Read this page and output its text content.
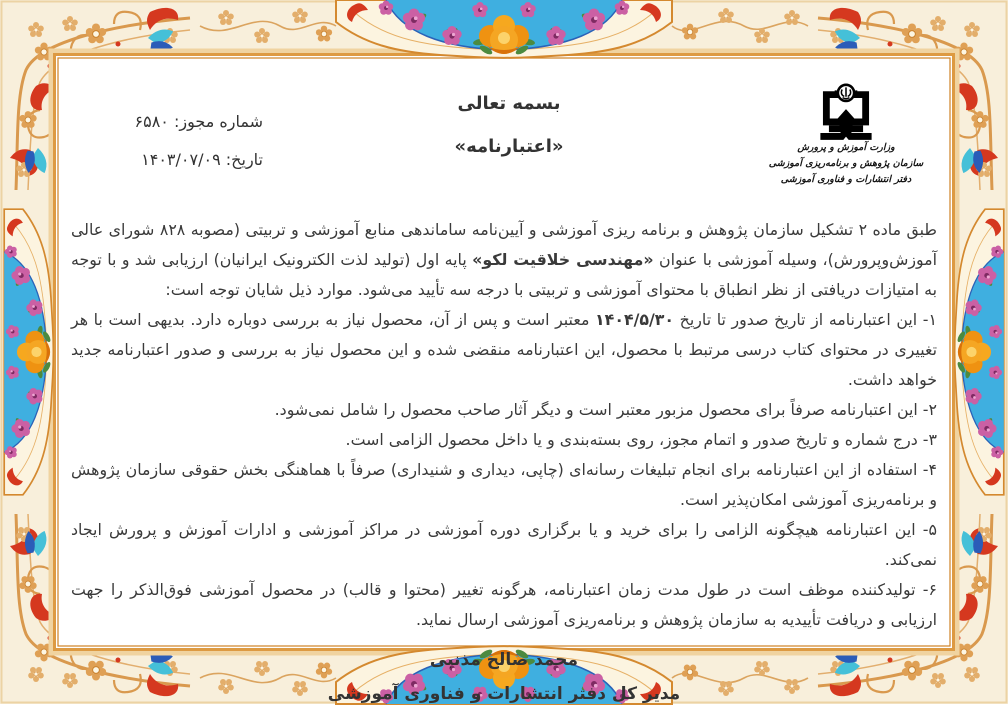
وزارت آموزش و پرورش
سازمان پژوهش و برنامه‌ریزی آموزشی
دفتر انتشارات و فناوری آموزشی
بسمه تعالی
«اعتبارنامه»
شماره مجوز: ۶۵۸۰
تاریخ: ۱۴۰۳/۰۷/۰۹

طبق ماده ۲ تشکیل سازمان پژوهش و برنامه ریزی آموزشی و آیین‌نامه ساماندهی منابع آموزشی و تربیتی (مصوبه ۸۲۸ شورای عالی آموزش‌وپرورش)، وسیله آموزشی با عنوان «مهندسی خلاقیت لکو» پایه اول (تولید لذت الکترونیک ایرانیان) ارزیابی شد و با توجه به امتیازات دریافتی از نظر انطباق با محتوای آموزشی و تربیتی با درجه سه تأیید می‌شود. موارد ذیل شایان توجه است:

۱- این اعتبارنامه از تاریخ صدور تا تاریخ ۱۴۰۴/۵/۳۰ معتبر است و پس از آن، محصول نیاز به بررسی دوباره دارد. بدیهی است با هر تغییری در محتوای کتاب درسی مرتبط با محصول، این اعتبارنامه منقضی شده و این محصول نیاز به بررسی و صدور اعتبارنامه جدید خواهد داشت.

۲- این اعتبارنامه صرفاً برای محصول مزبور معتبر است و دیگر آثار صاحب محصول را شامل نمی‌شود.

۳- درج شماره و تاریخ صدور و اتمام مجوز، روی بسته‌بندی و یا داخل محصول الزامی است.

۴- استفاده از این اعتبارنامه برای انجام تبلیغات رسانه‌ای (چاپی، دیداری و شنیداری) صرفاً با هماهنگی بخش حقوقی سازمان پژوهش و برنامه‌ریزی آموزشی امکان‌پذیر است.

۵- این اعتبارنامه هیچگونه الزامی را برای خرید و یا برگزاری دوره آموزشی در مراکز آموزشی و ادارات آموزش و پرورش ایجاد نمی‌کند.

۶- تولیدکننده موظف است در طول مدت زمان اعتبارنامه، هرگونه تغییر (محتوا و قالب) در محصول آموزشی فوق‌الذکر را جهت ارزیابی و دریافت تأییدیه به سازمان پژوهش و برنامه‌ریزی آموزشی ارسال نماید.

محمد صالح مذنبی
مدیر کل دفتر انتشارات و فناوری آموزشی
